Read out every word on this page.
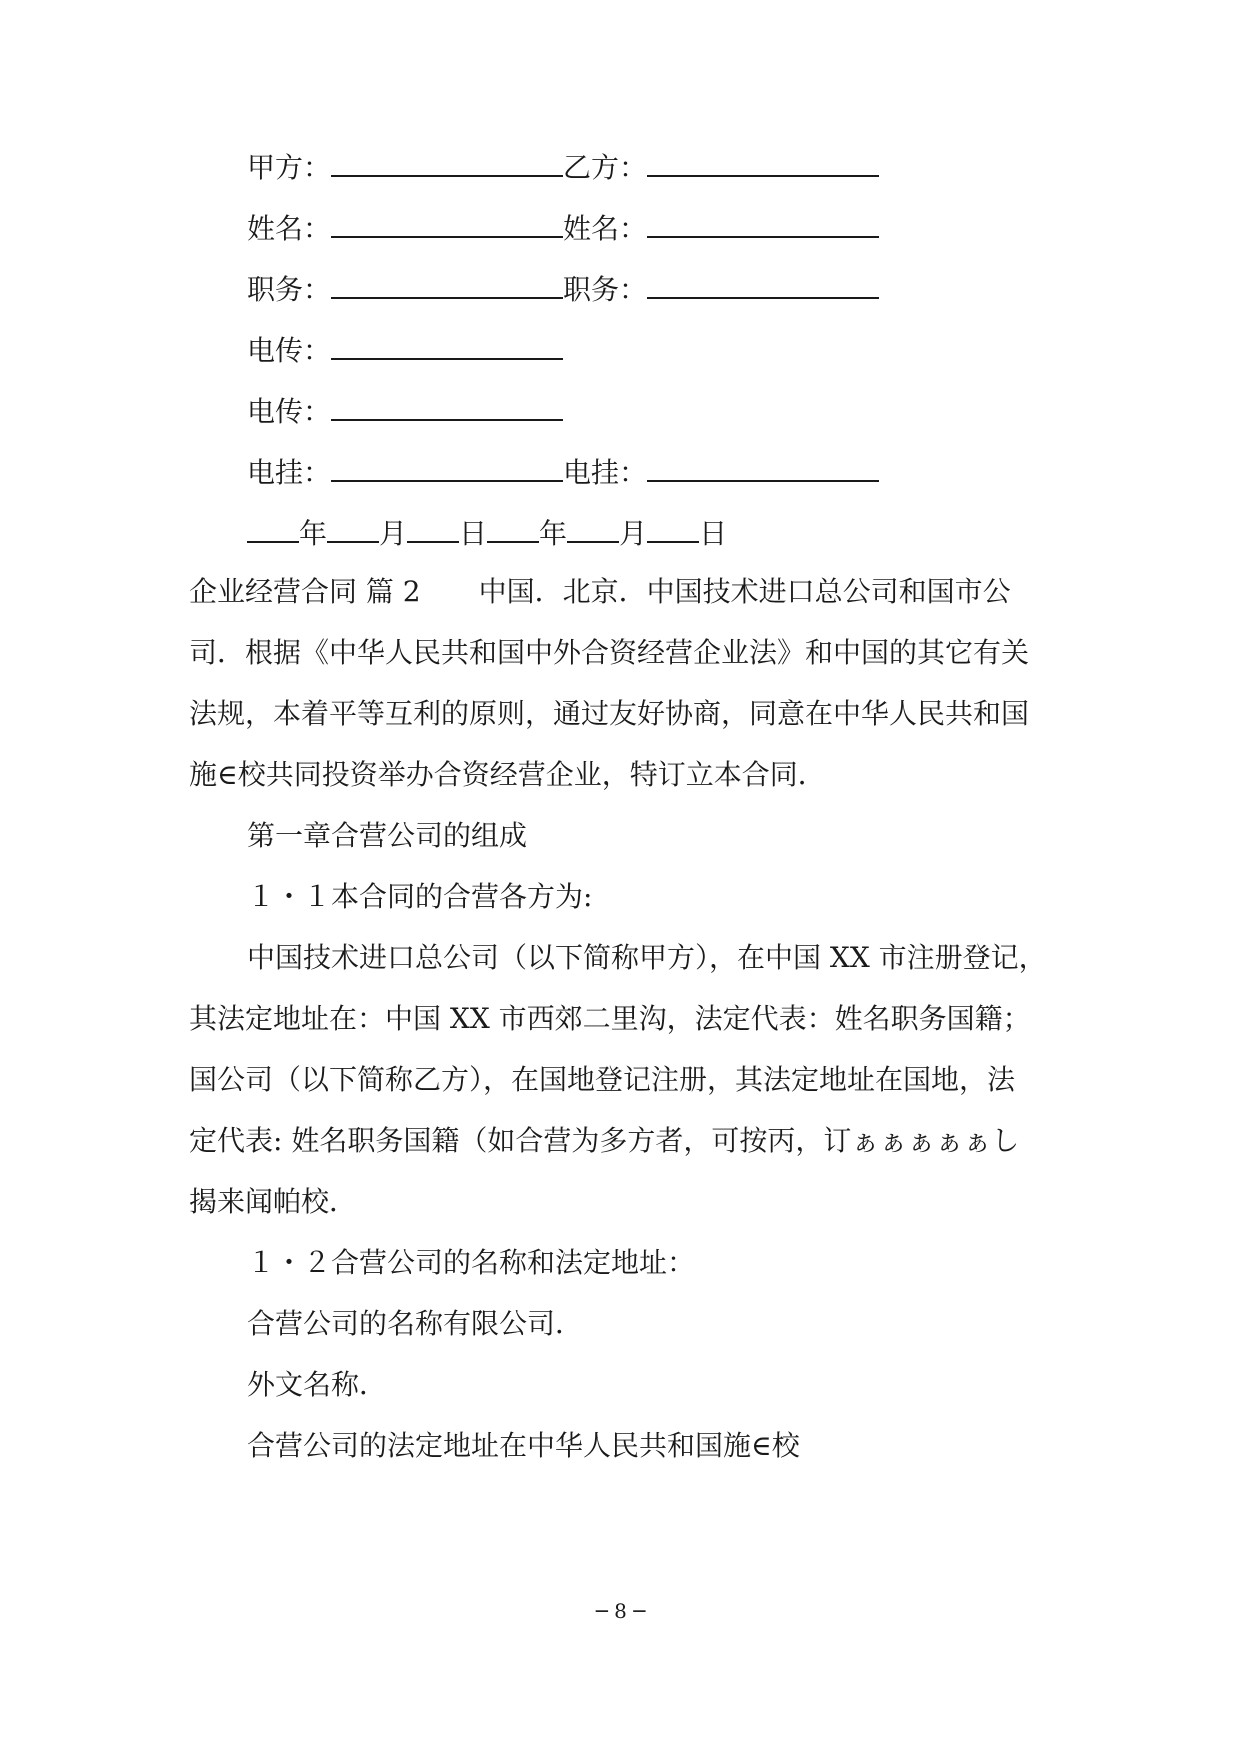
甲方：	乙方：
姓名：	姓名：
职务：	职务：
电传：
电传：
电挂：	电挂：
年 月 日 年 月 日
企业经营合同 篇 2 中国．北京．中国技术进口总公司和国市公
司．根据《中华人民共和国中外合资经营企业法》和中国的其它有关
法规，本着平等互利的原则，通过友好协商，同意在中华人民共和国
施∈校共同投资举办合资经营企业，特订立本合同．
第一章合营公司的组成
１・１本合同的合营各方为:
中国技术进口总公司（以下简称甲方），在中国 XX 市注册登记，
其法定地址在：中国 XX 市西郊二里沟，法定代表：姓名职务国籍；
国公司（以下简称乙方），在国地登记注册，其法定地址在国地，法
定代表: 姓名职务国籍（如合营为多方者，可按丙，订ぁぁぁぁぁし
揭来闻帕校．
１・２合营公司的名称和法定地址：
合营公司的名称有限公司．
外文名称．
合营公司的法定地址在中华人民共和国施∈校
─ 8 ─
